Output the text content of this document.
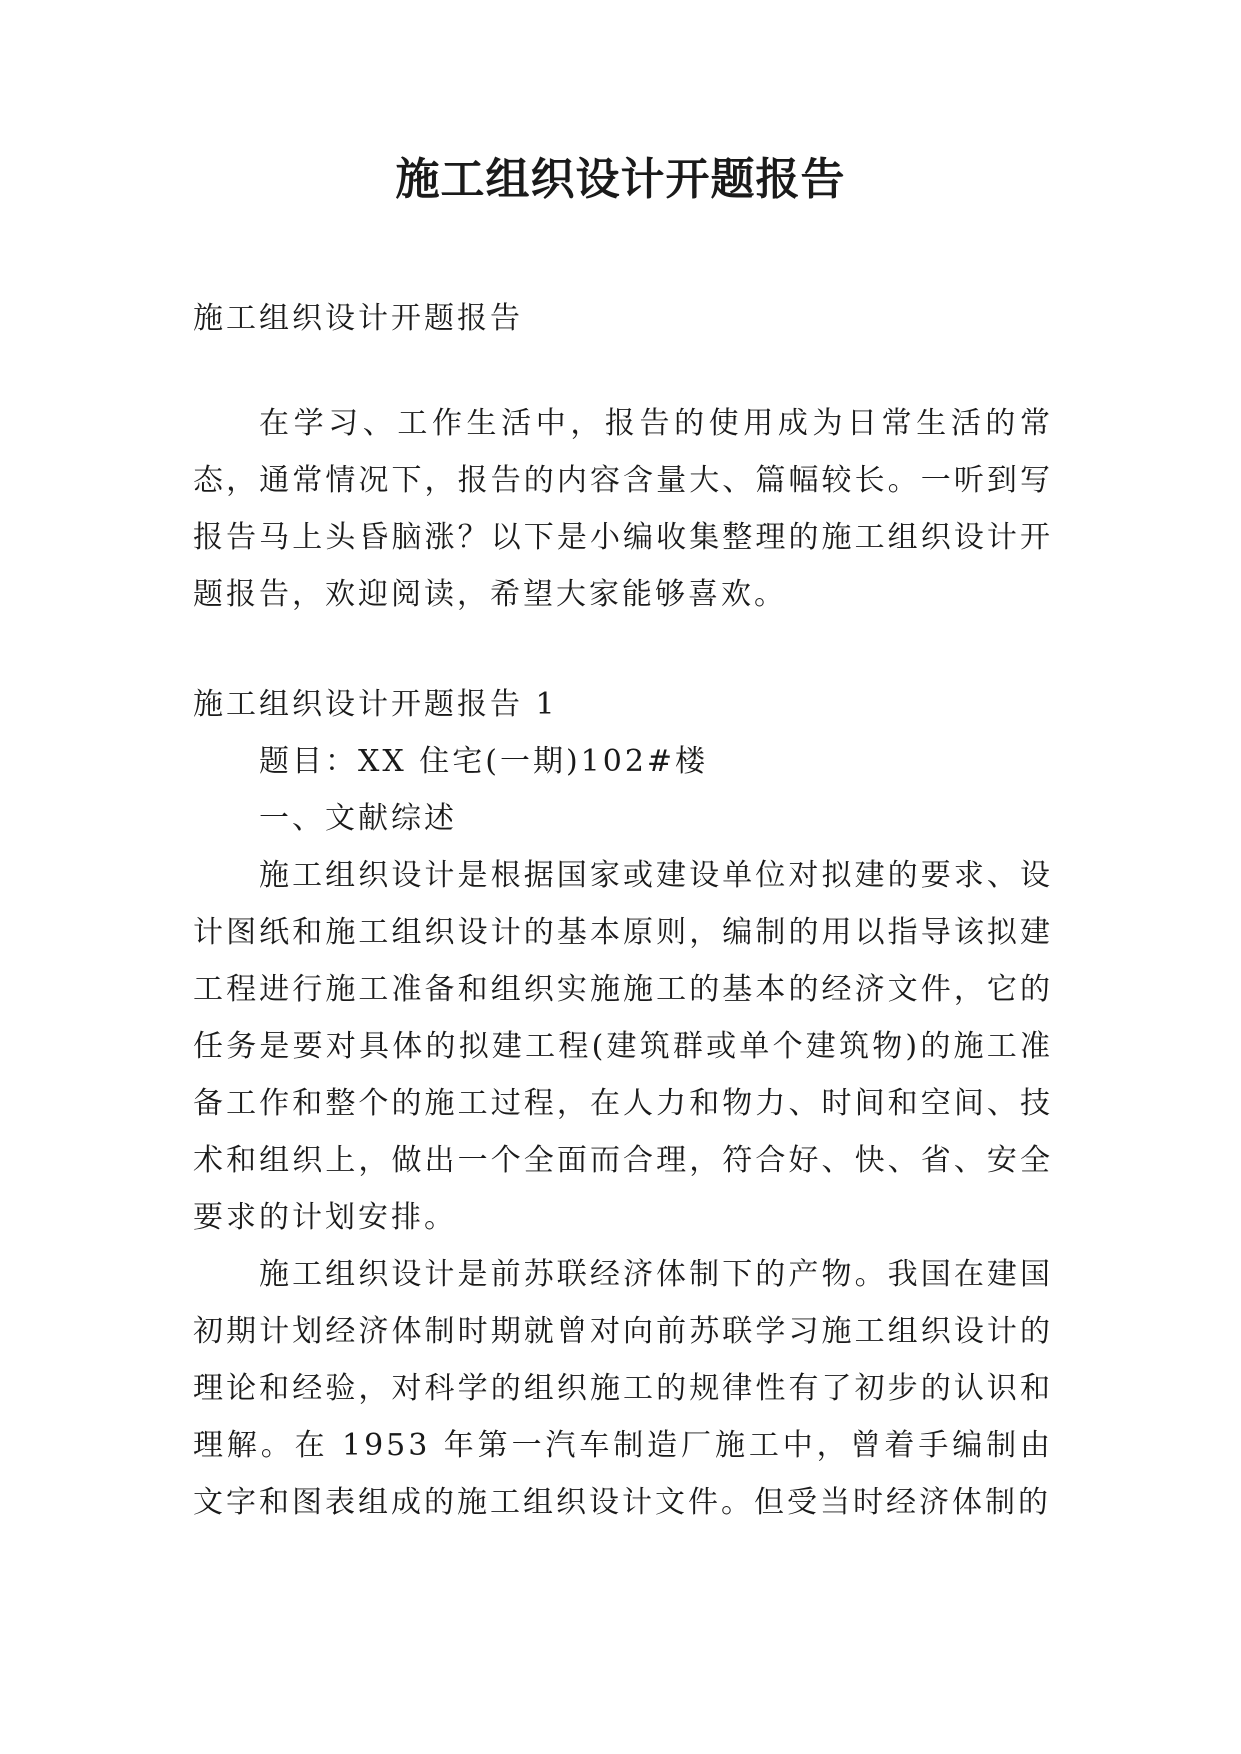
施工组织设计开题报告

施工组织设计开题报告

在学习、工作生活中，报告的使用成为日常生活的常态，通常情况下，报告的内容含量大、篇幅较长。一听到写报告马上头昏脑涨？以下是小编收集整理的施工组织设计开题报告，欢迎阅读，希望大家能够喜欢。

施工组织设计开题报告 1

题目：XX 住宅(一期)102#楼

一、文献综述

施工组织设计是根据国家或建设单位对拟建的要求、设计图纸和施工组织设计的基本原则，编制的用以指导该拟建工程进行施工准备和组织实施施工的基本的经济文件，它的任务是要对具体的拟建工程(建筑群或单个建筑物)的施工准备工作和整个的施工过程，在人力和物力、时间和空间、技术和组织上，做出一个全面而合理，符合好、快、省、安全要求的计划安排。

施工组织设计是前苏联经济体制下的产物。我国在建国初期计划经济体制时期就曾对向前苏联学习施工组织设计的理论和经验，对科学的组织施工的规律性有了初步的认识和理解。在 1953 年第一汽车制造厂施工中，曾着手编制由文字和图表组成的施工组织设计文件。但受当时经济体制的
